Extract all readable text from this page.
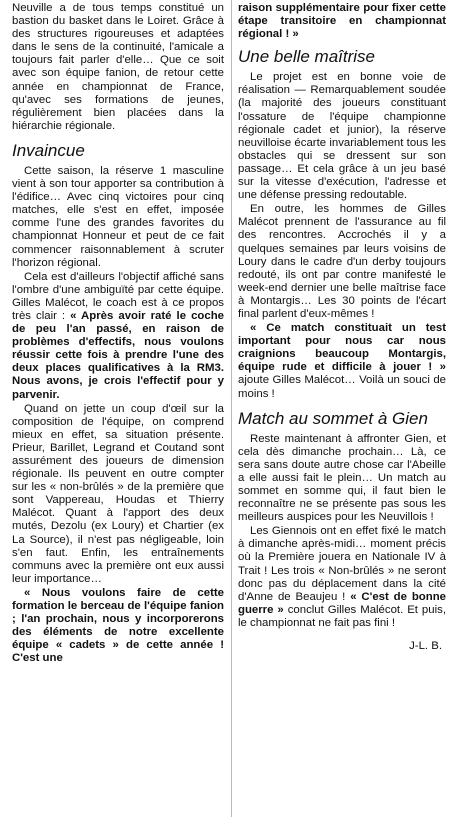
Neuville a de tous temps constitué un bastion du basket dans le Loiret. Grâce à des structures rigoureuses et adaptées dans le sens de la continuité, l'amicale a toujours fait parler d'elle… Que ce soit avec son équipe fanion, de retour cette année en championnat de France, qu'avec ses formations de jeunes, régulièrement bien placées dans la hiérarchie régionale.

Invaincue

Cette saison, la réserve 1 masculine vient à son tour apporter sa contribution à l'édifice… Avec cinq victoires pour cinq matches, elle s'est en effet, imposée comme l'une des grandes favorites du championnat Honneur et peut de ce fait commencer raisonnablement à scruter l'horizon régional.

Cela est d'ailleurs l'objectif affiché sans l'ombre d'une ambiguïté par cette équipe. Gilles Malécot, le coach est à ce propos très clair : « Après avoir raté le coche de peu l'an passé, en raison de problèmes d'effectifs, nous voulons réussir cette fois à prendre l'une des deux places qualificatives à la RM3. Nous avons, je crois l'effectif pour y parvenir.

Quand on jette un coup d'œil sur la composition de l'équipe, on comprend mieux en effet, sa situation présente. Prieur, Barillet, Legrand et Coutand sont assurément des joueurs de dimension régionale. Ils peuvent en outre compter sur les « non-brûlés » de la première que sont Vappereau, Houdas et Thierry Malécot. Quant à l'apport des deux mutés, Dezolu (ex Loury) et Chartier (ex La Source), il n'est pas négligeable, loin s'en faut. Enfin, les entraînements communs avec la première ont eux aussi leur importance…

« Nous voulons faire de cette formation le berceau de l'équipe fanion ; l'an prochain, nous y incorporerons des éléments de notre excellente équipe « cadets » de cette année ! C'est une

raison supplémentaire pour fixer cette étape transitoire en championnat régional ! »

Une belle maîtrise

Le projet est en bonne voie de réalisation — Remarquablement soudée (la majorité des joueurs constituant l'ossature de l'équipe championne régionale cadet et junior), la réserve neuvilloise écarte invariablement tous les obstacles qui se dressent sur son passage… Et cela grâce à un jeu basé sur la vitesse d'exécution, l'adresse et une défense pressing redoutable.

En outre, les hommes de Gilles Malécot prennent de l'assurance au fil des rencontres. Accrochés il y a quelques semaines par leurs voisins de Loury dans le cadre d'un derby toujours redouté, ils ont par contre manifesté le week-end dernier une belle maîtrise face à Montargis… Les 30 points de l'écart final parlent d'eux-mêmes !

« Ce match constituait un test important pour nous car nous craignions beaucoup Montargis, équipe rude et difficile à jouer ! » ajoute Gilles Malécot… Voilà un souci de moins !

Match au sommet à Gien

Reste maintenant à affronter Gien, et cela dès dimanche prochain… Là, ce sera sans doute autre chose car l'Abeille a elle aussi fait le plein… Un match au sommet en somme qui, il faut bien le reconnaître ne se présente pas sous les meilleurs auspices pour les Neuvillois !

Les Giennois ont en effet fixé le match à dimanche après-midi… moment précis où la Première jouera en Nationale IV à Trait ! Les trois « Non-brûlés » ne seront donc pas du déplacement dans la cité d'Anne de Beaujeu ! « C'est de bonne guerre » conclut Gilles Malécot. Et puis, le championnat ne fait pas fini !

J-L. B.
